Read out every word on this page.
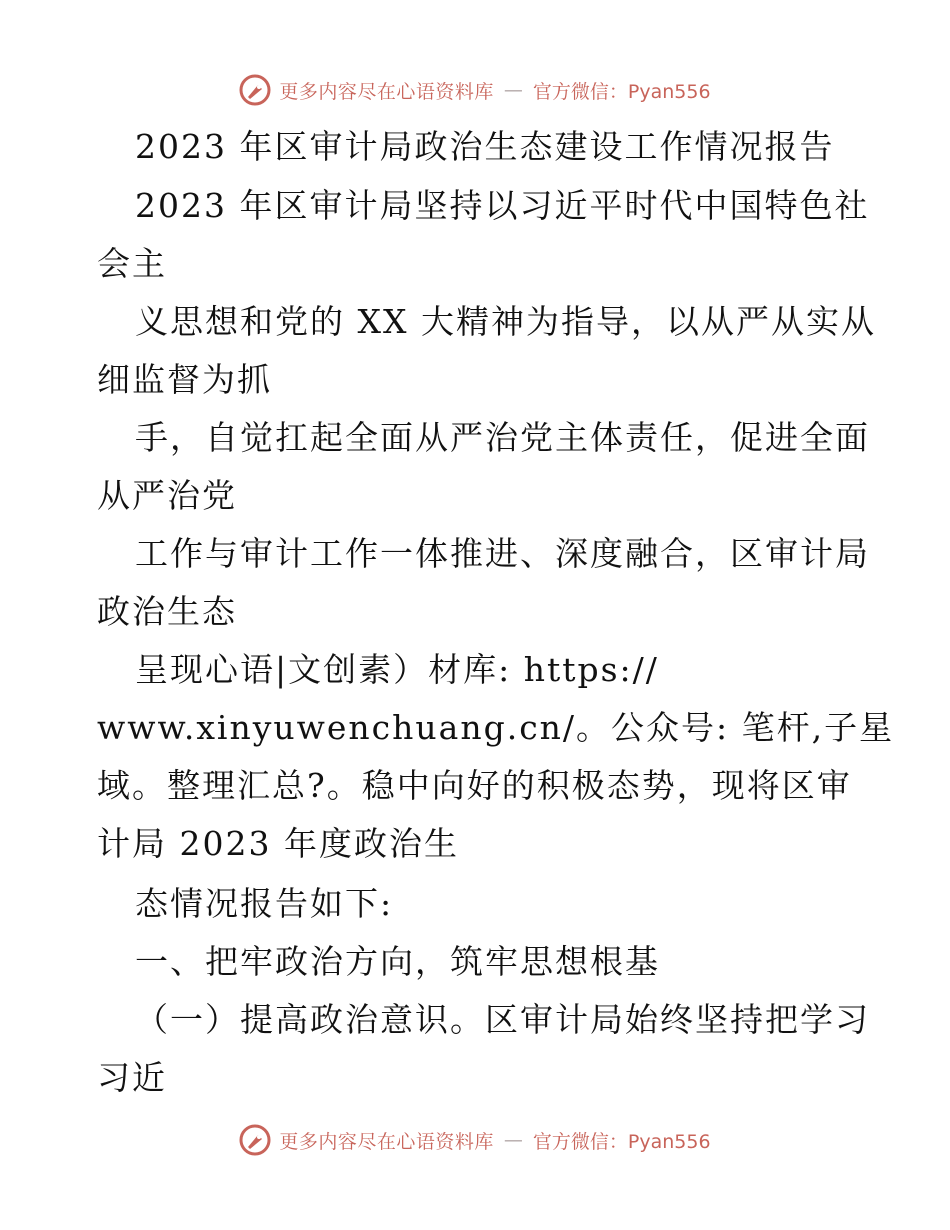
更多内容尽在心语资料库 — 官方微信：Pyan556
2023 年区审计局政治生态建设工作情况报告
2023 年区审计局坚持以习近平时代中国特色社
会主
义思想和党的 XX 大精神为指导，以从严从实从
细监督为抓
手，自觉扛起全面从严治党主体责任，促进全面
从严治党
工作与审计工作一体推进、深度融合，区审计局
政治生态
呈现心语|文创素）材库: https://
www.xinyuwenchuang.cn/。公众号: 笔杆,子星
域。整理汇总?。稳中向好的积极态势，现将区审
计局 2023 年度政治生
态情况报告如下:
一、把牢政治方向，筑牢思想根基
（一）提高政治意识。区审计局始终坚持把学习
习近
更多内容尽在心语资料库 — 官方微信：Pyan556
